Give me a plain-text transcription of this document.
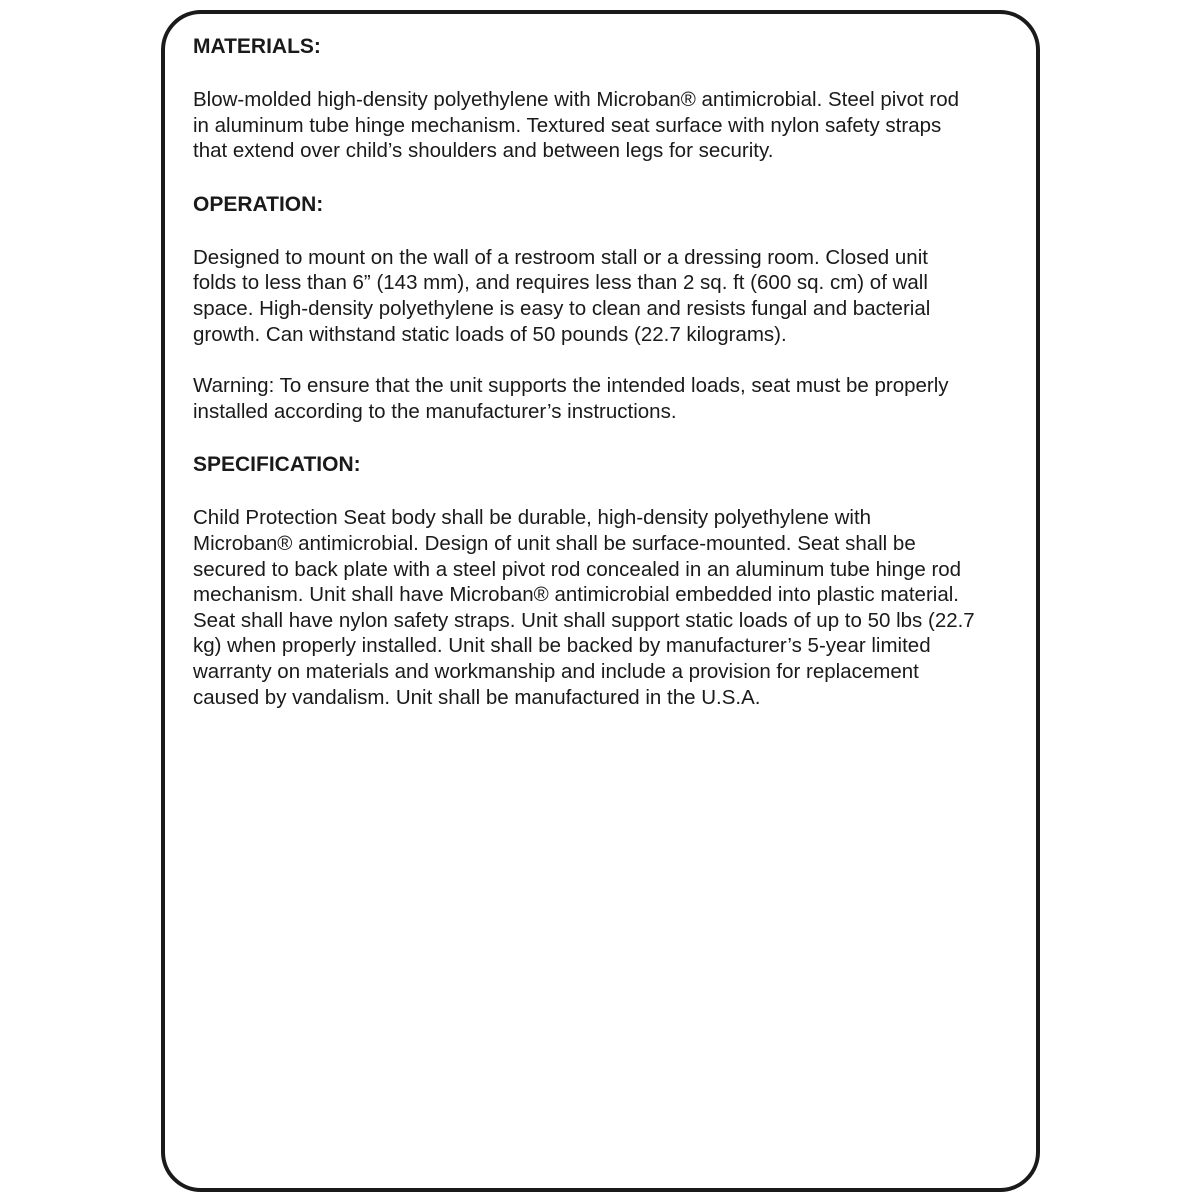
MATERIALS:
Blow-molded high-density polyethylene with Microban® antimicrobial. Steel pivot rod
in aluminum tube hinge mechanism. Textured seat surface with nylon safety straps
that extend over child’s shoulders and between legs for security.
OPERATION:
Designed to mount on the wall of a restroom stall or a dressing room. Closed unit
folds to less than 6” (143 mm), and requires less than 2 sq. ft (600 sq. cm) of wall
space. High-density polyethylene is easy to clean and resists fungal and bacterial
growth. Can withstand static loads of 50 pounds (22.7 kilograms).
Warning: To ensure that the unit supports the intended loads, seat must be properly
installed according to the manufacturer’s instructions.
SPECIFICATION:
Child Protection Seat body shall be durable, high-density polyethylene with
Microban® antimicrobial. Design of unit shall be surface-mounted. Seat shall be
secured to back plate with a steel pivot rod concealed in an aluminum tube hinge rod
mechanism. Unit shall have Microban® antimicrobial embedded into plastic material.
Seat shall have nylon safety straps. Unit shall support static loads of up to 50 lbs (22.7
kg) when properly installed. Unit shall be backed by manufacturer’s 5-year limited
warranty on materials and workmanship and include a provision for replacement
caused by vandalism. Unit shall be manufactured in the U.S.A.
